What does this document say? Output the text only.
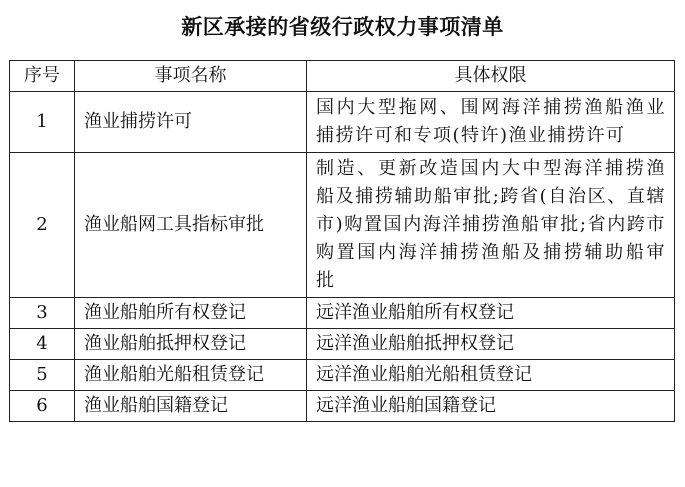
新区承接的省级行政权力事项清单
序号	事项名称	具体权限
1	渔业捕捞许可	国内大型拖网、围网海洋捕捞渔船渔业捕捞许可和专项(特许)渔业捕捞许可
2	渔业船网工具指标审批	制造、更新改造国内大中型海洋捕捞渔船及捕捞辅助船审批;跨省(自治区、直辖市)购置国内海洋捕捞渔船审批;省内跨市购置国内海洋捕捞渔船及捕捞辅助船审批
3	渔业船舶所有权登记	远洋渔业船舶所有权登记
4	渔业船舶抵押权登记	远洋渔业船舶抵押权登记
5	渔业船舶光船租赁登记	远洋渔业船舶光船租赁登记
6	渔业船舶国籍登记	远洋渔业船舶国籍登记
